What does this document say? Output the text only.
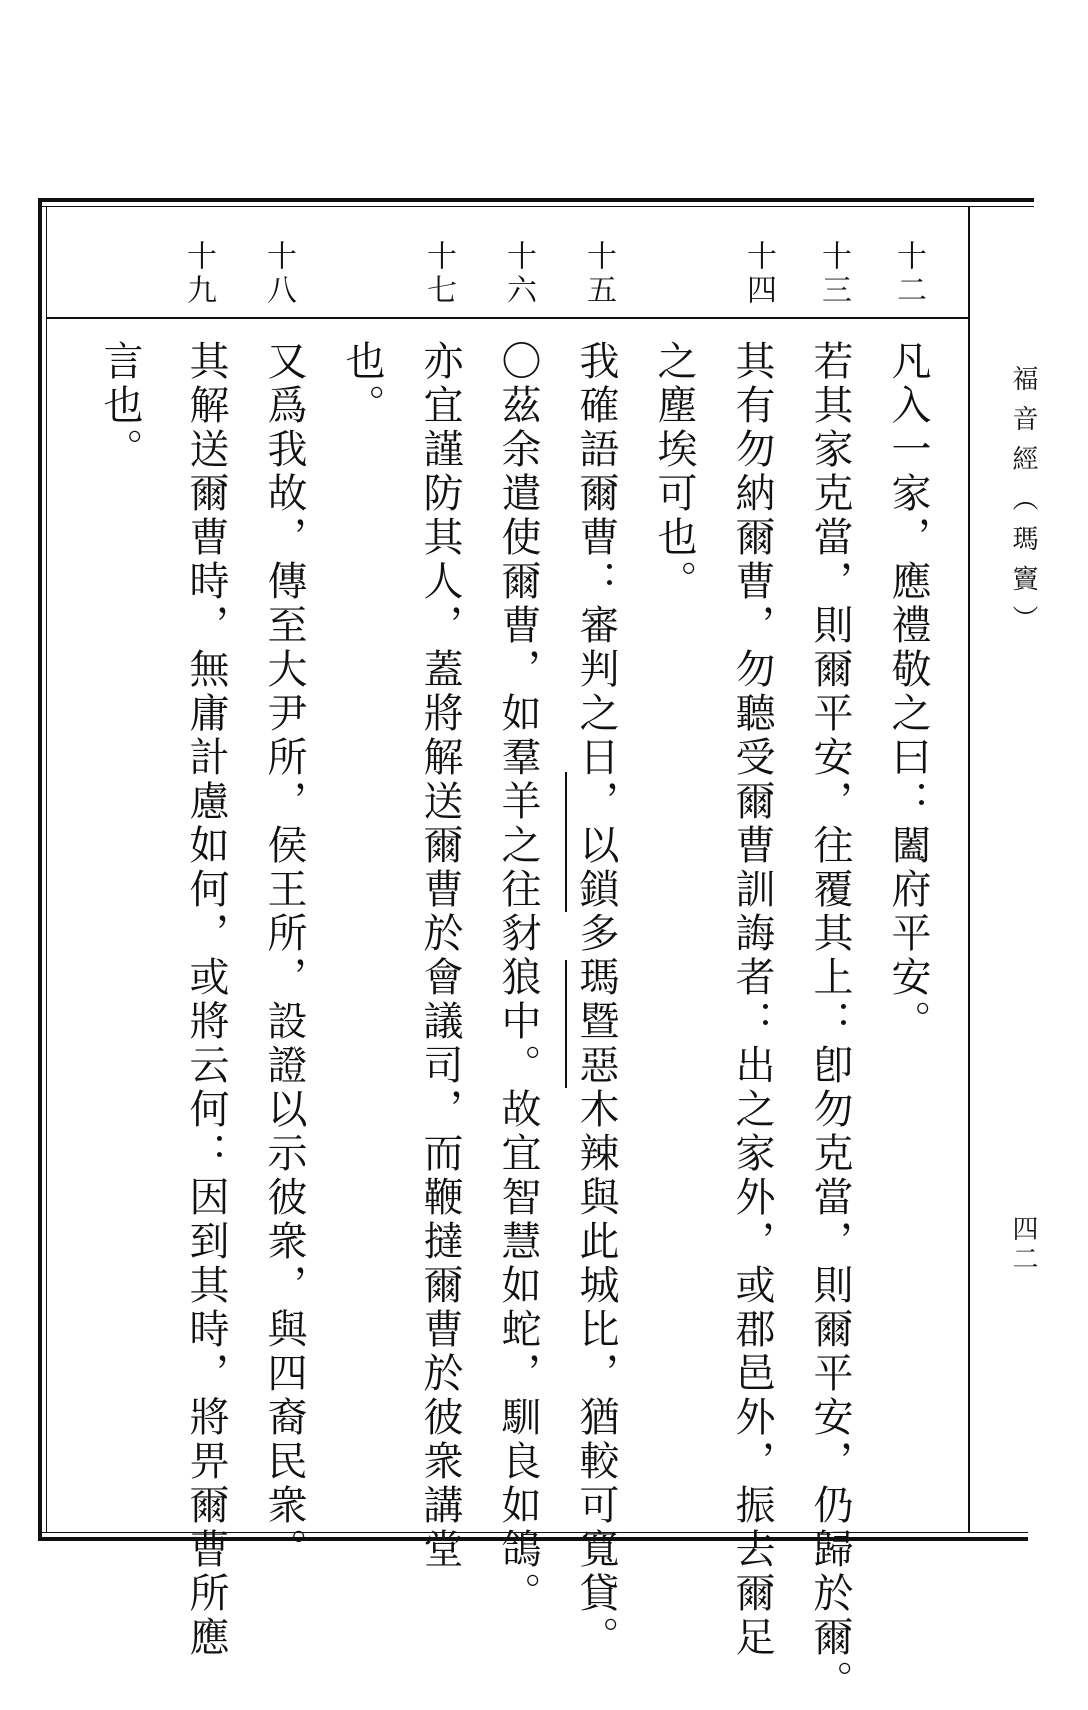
福音經（瑪竇）
四二
十二
十三
十四
十五
十六
十七
十八
十九
凡入一家，應禮敬之曰：闔府平安。
若其家克當，則爾平安，往覆其上：卽勿克當，則爾平安，仍歸於爾。
其有勿納爾曹，勿聽受爾曹訓誨者：出之家外，或郡邑外，振去爾足
之塵埃可也。
我確語爾曹：審判之日，以鎖多瑪暨惡木辣與此城比，猶較可寬貸。
〇茲余遣使爾曹，如羣羊之往豺狼中。故宜智慧如蛇，馴良如鴿。
亦宜謹防其人，蓋將解送爾曹於會議司，而鞭撻爾曹於彼衆講堂
也。
又爲我故，傳至大尹所，侯王所，設證以示彼衆，與四裔民衆。
其解送爾曹時，無庸計慮如何，或將云何：因到其時，將畀爾曹所應
言也。
